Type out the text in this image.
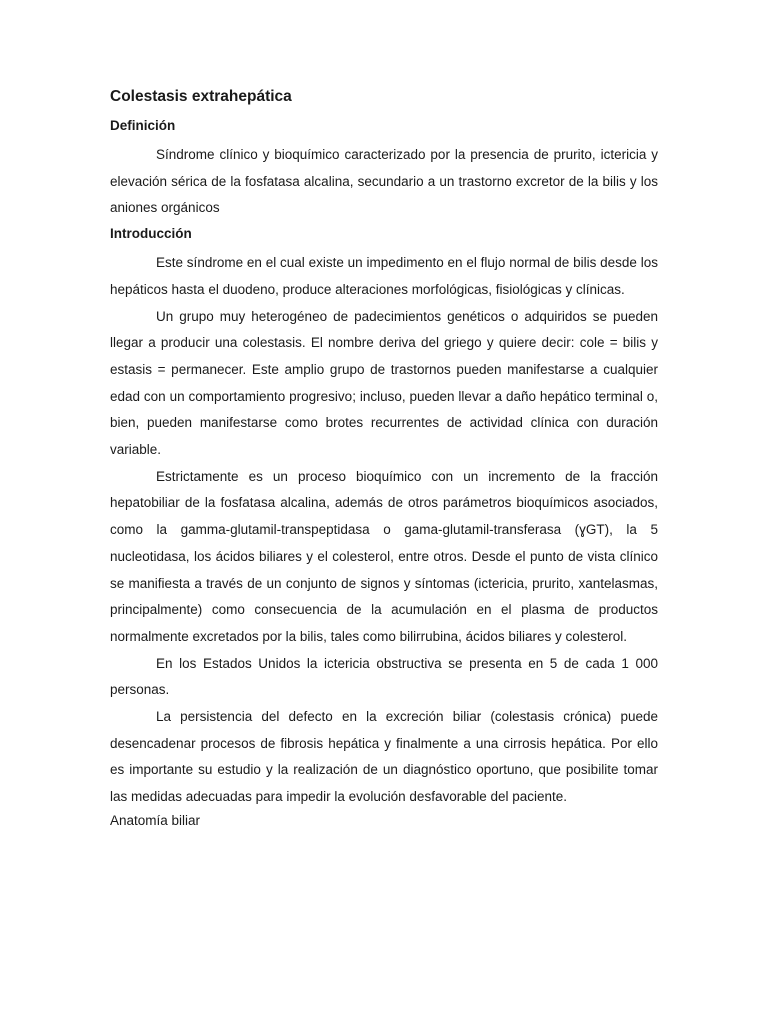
Colestasis extrahepática
Definición

Síndrome clínico y bioquímico caracterizado por la presencia de prurito, ictericia y elevación sérica de la fosfatasa alcalina, secundario a un trastorno excretor de la bilis y los aniones orgánicos

Introducción

Este síndrome en el cual existe un impedimento en el flujo normal de bilis desde los hepáticos hasta el duodeno, produce alteraciones morfológicas, fisiológicas y clínicas.

Un grupo muy heterogéneo de padecimientos genéticos o adquiridos se pueden llegar a producir una colestasis. El nombre deriva del griego y quiere decir: cole = bilis y estasis = permanecer. Este amplio grupo de trastornos pueden manifestarse a cualquier edad con un comportamiento progresivo; incluso, pueden llevar a daño hepático terminal o, bien, pueden manifestarse como brotes recurrentes de actividad clínica con duración variable.

Estrictamente es un proceso bioquímico con un incremento de la fracción hepatobiliar de la fosfatasa alcalina, además de otros parámetros bioquímicos asociados, como la gamma-glutamil-transpeptidasa o gama-glutamil-transferasa (ɣGT), la 5 nucleotidasa, los ácidos biliares y el colesterol, entre otros. Desde el punto de vista clínico se manifiesta a través de un conjunto de signos y síntomas (ictericia, prurito, xantelasmas, principalmente) como consecuencia de la acumulación en el plasma de productos normalmente excretados por la bilis, tales como bilirrubina, ácidos biliares y colesterol.

En los Estados Unidos la ictericia obstructiva se presenta en 5 de cada 1 000 personas.

La persistencia del defecto en la excreción biliar (colestasis crónica) puede desencadenar procesos de fibrosis hepática y finalmente a una cirrosis hepática. Por ello es importante su estudio y la realización de un diagnóstico oportuno, que posibilite tomar las medidas adecuadas para impedir la evolución desfavorable del paciente.

Anatomía biliar
